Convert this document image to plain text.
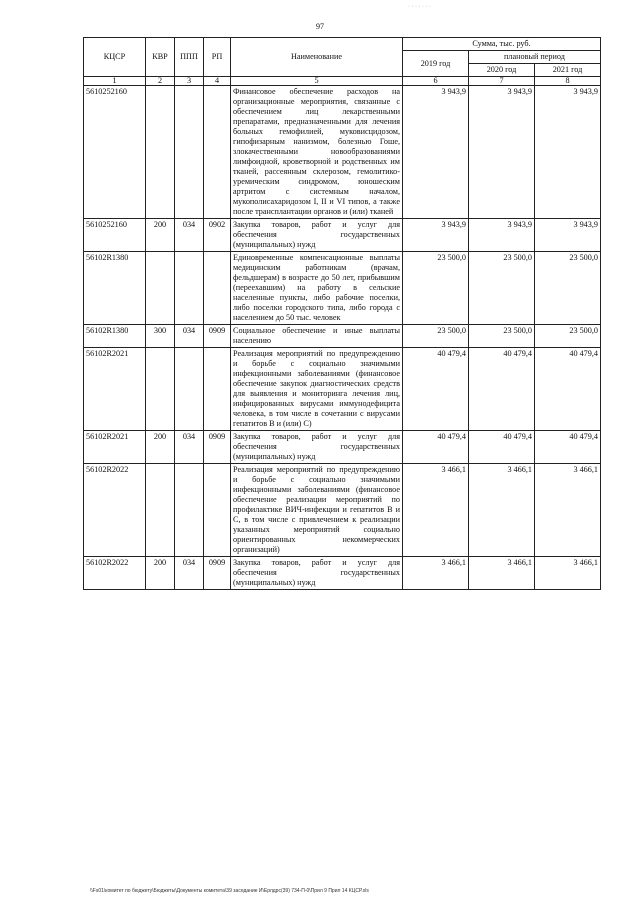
97
· · · · · · ·
КЦСР	КВР	ППП	РП	Наименование	Сумма, тыс. руб.		
					2019 год	плановый период	
						2020 год	2021 год
1	2	3	4	5	6	7	8
5610252160				Финансовое обеспечение расходов на организационные мероприятия, связанные с обеспечением лиц лекарственными препаратами, предназначенными для лечения больных гемофилией, муковисцидозом, гипофизарным нанизмом, болезнью Гоше, злокачественными новообразованиями лимфоидной, кроветворной и родственных им тканей, рассеянным склерозом, гемолитико-уремическим синдромом, юношеским артритом с системным началом, мукополисахаридозом I, II и VI типов, а также после трансплантации органов и (или) тканей	3 943,9	3 943,9	3 943,9
5610252160	200	034	0902	Закупка товаров, работ и услуг для обеспечения государственных (муниципальных) нужд	3 943,9	3 943,9	3 943,9
56102R1380				Единовременные компенсационные выплаты медицинским работникам (врачам, фельдшерам) в возрасте до 50 лет, прибывшим (переехавшим) на работу в сельские населенные пункты, либо рабочие поселки, либо поселки городского типа, либо города с населением до 50 тыс. человек	23 500,0	23 500,0	23 500,0
56102R1380	300	034	0909	Социальное обеспечение и иные выплаты населению	23 500,0	23 500,0	23 500,0
56102R2021				Реализация мероприятий по предупреждению и борьбе с социально значимыми инфекционными заболеваниями (финансовое обеспечение закупок диагностических средств для выявления и мониторинга лечения лиц, инфицированных вирусами иммунодефицита человека, в том числе в сочетании с вирусами гепатитов В и (или) С)	40 479,4	40 479,4	40 479,4
56102R2021	200	034	0909	Закупка товаров, работ и услуг для обеспечения государственных (муниципальных) нужд	40 479,4	40 479,4	40 479,4
56102R2022				Реализация мероприятий по предупреждению и борьбе с социально значимыми инфекционными заболеваниями (финансовое обеспечение реализации мероприятий по профилактике ВИЧ-инфекции и гепатитов В и С, в том числе с привлечением к реализации указанных мероприятий социально ориентированных некоммерческих организаций)	3 466,1	3 466,1	3 466,1
56102R2022	200	034	0909	Закупка товаров, работ и услуг для обеспечения государственных (муниципальных) нужд	3 466,1	3 466,1	3 466,1
\\Fs01\комитет по бюджету\Бюджеты\Документы комитета\39 заседание И\Ерлдрс(39) 734-П-0\Прил 9 Прил 14 КЦСР.xls
